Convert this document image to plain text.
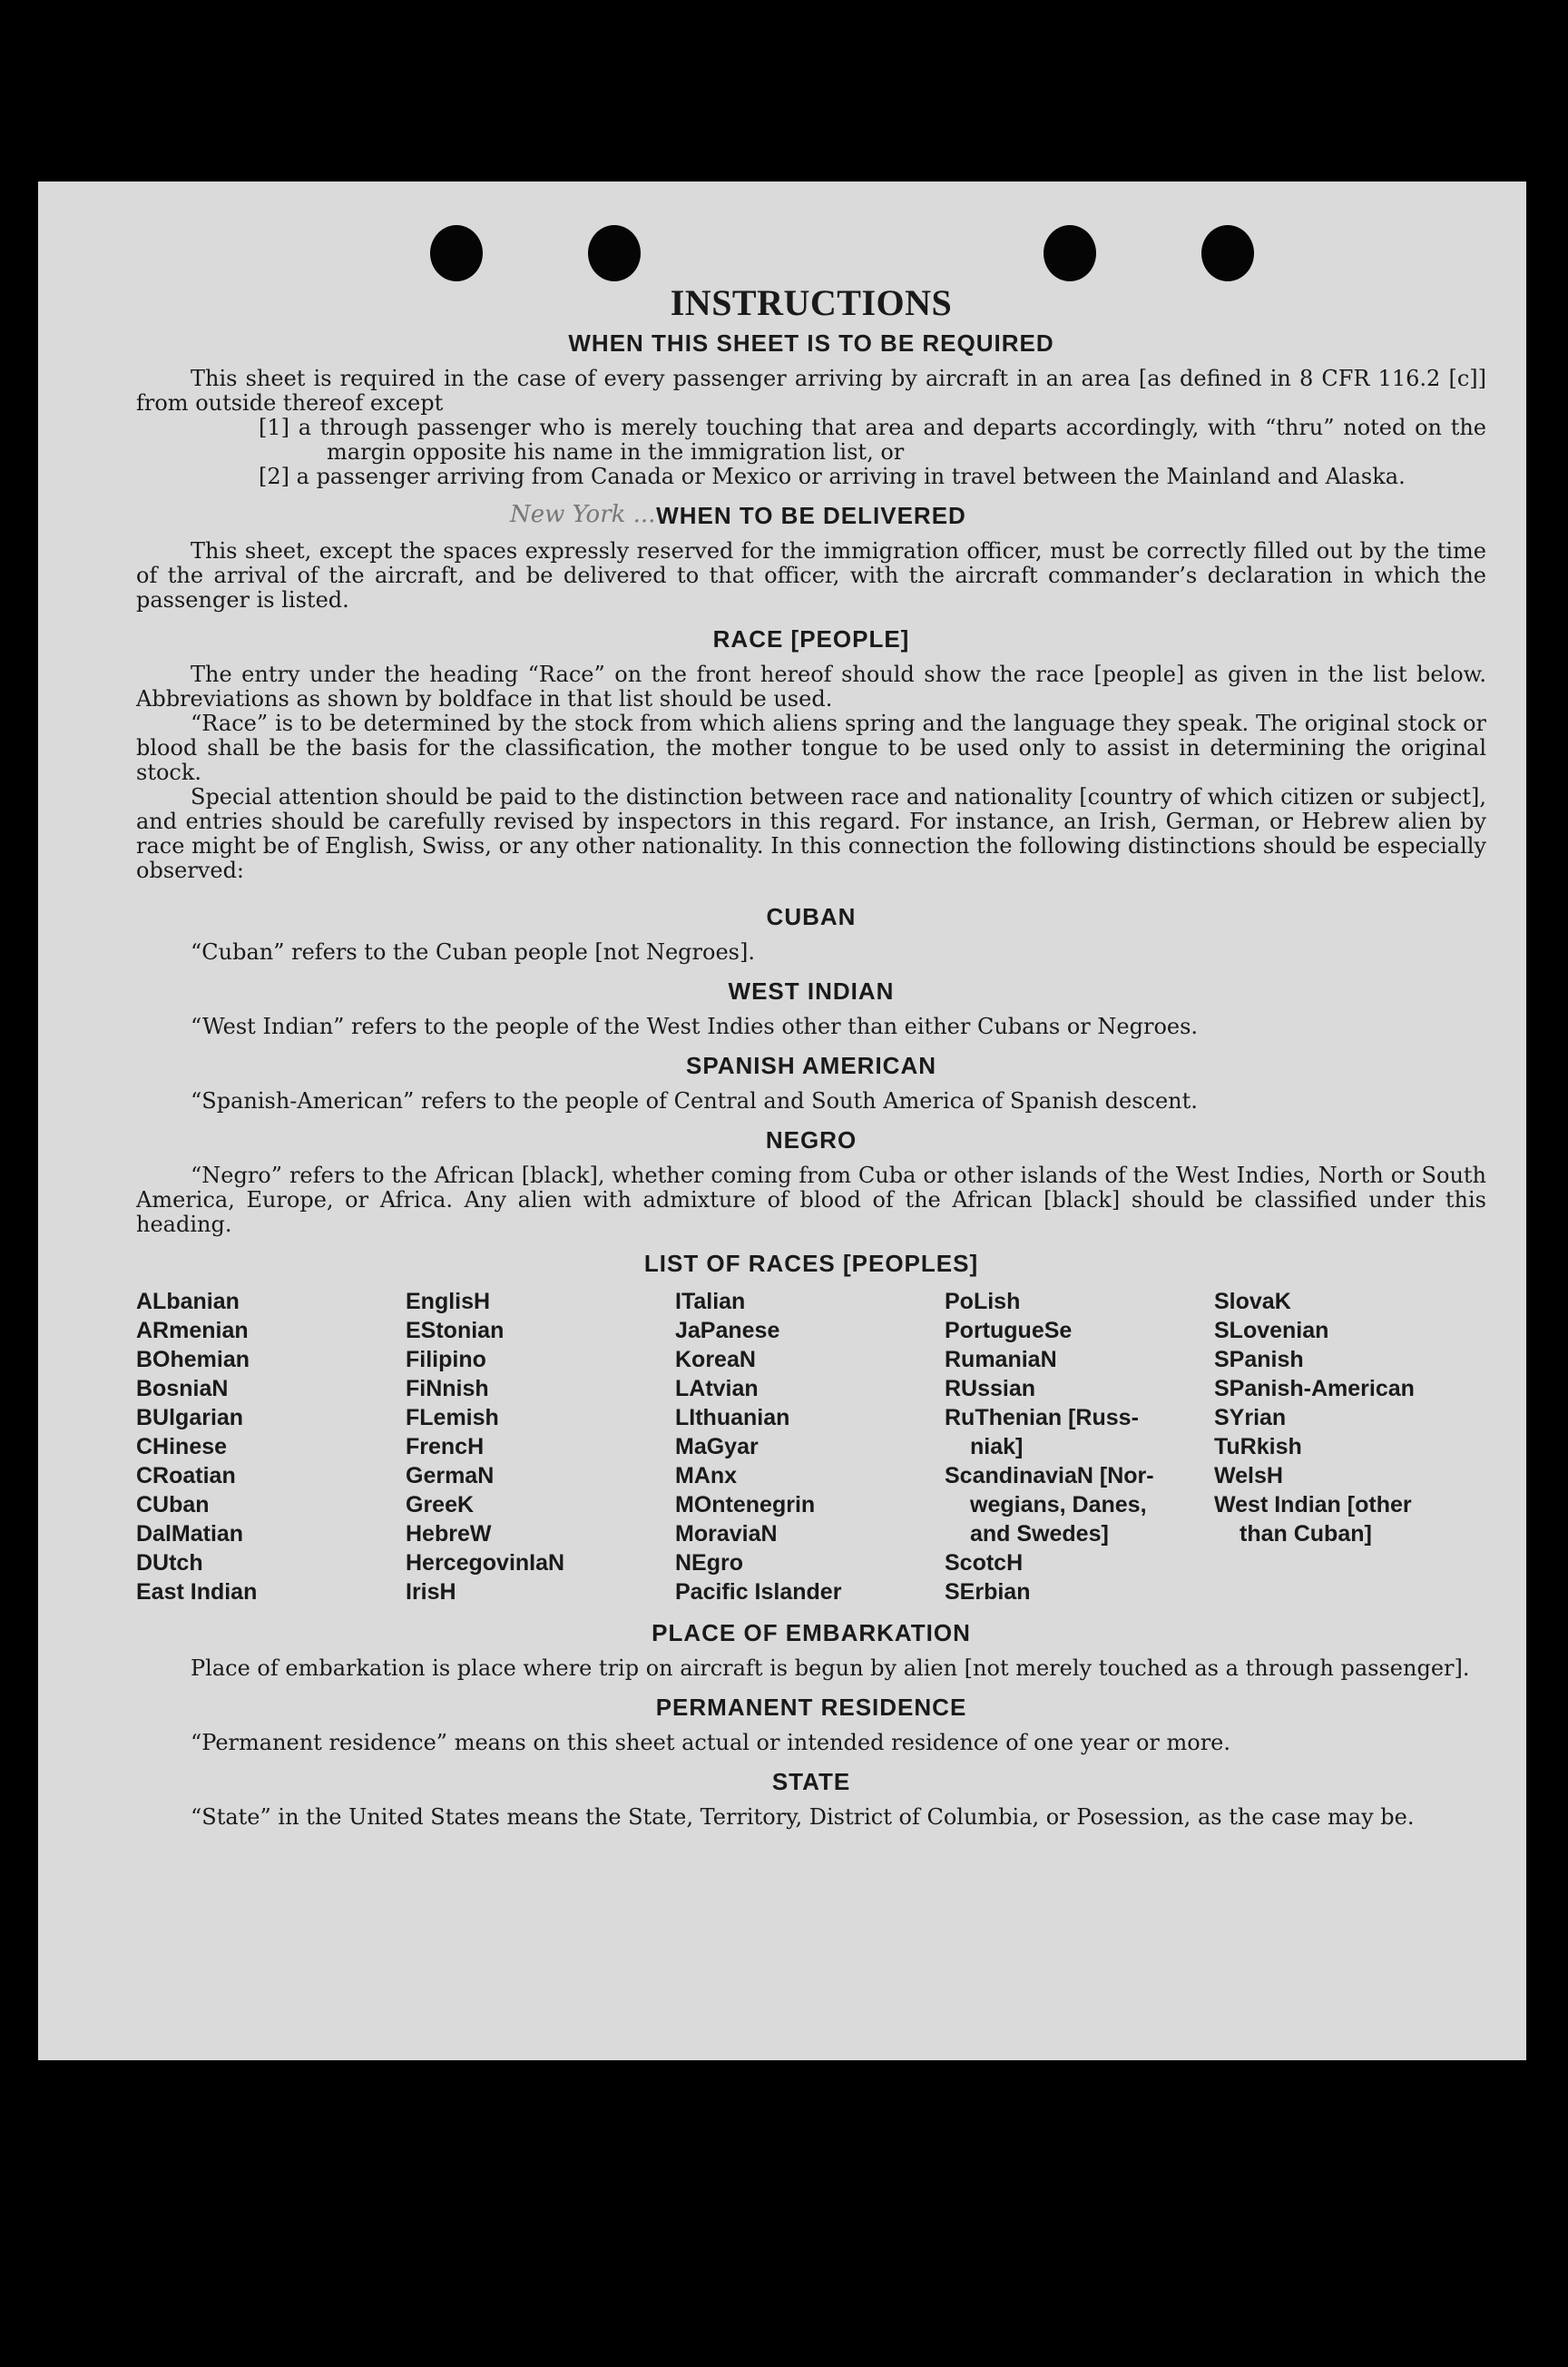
New York ...
INSTRUCTIONS
WHEN THIS SHEET IS TO BE REQUIRED

This sheet is required in the case of every passenger arriving by aircraft in an area [as defined in 8 CFR 116.2 [c]] from outside thereof except

[1] a through passenger who is merely touching that area and departs accordingly, with “thru” noted on the margin opposite his name in the immigration list, or
[2] a passenger arriving from Canada or Mexico or arriving in travel between the Mainland and Alaska.
WHEN TO BE DELIVERED

This sheet, except the spaces expressly reserved for the immigration officer, must be correctly filled out by the time of the arrival of the aircraft, and be delivered to that officer, with the aircraft commander’s declaration in which the passenger is listed.

RACE [PEOPLE]

The entry under the heading “Race” on the front hereof should show the race [people] as given in the list below. Abbreviations as shown by boldface in that list should be used.

“Race” is to be determined by the stock from which aliens spring and the language they speak. The original stock or blood shall be the basis for the classification, the mother tongue to be used only to assist in determining the original stock.

Special attention should be paid to the distinction between race and nationality [country of which citizen or subject], and entries should be carefully revised by inspectors in this regard. For instance, an Irish, German, or Hebrew alien by race might be of English, Swiss, or any other nationality. In this connection the following distinctions should be especially observed:

CUBAN

“Cuban” refers to the Cuban people [not Negroes].

WEST INDIAN

“West Indian” refers to the people of the West Indies other than either Cubans or Negroes.

SPANISH AMERICAN

“Spanish-American” refers to the people of Central and South America of Spanish descent.

NEGRO

“Negro” refers to the African [black], whether coming from Cuba or other islands of the West Indies, North or South America, Europe, or Africa. Any alien with admixture of blood of the African [black] should be classified under this heading.

LIST OF RACES [PEOPLES]
ALbanian
ARmenian
BOhemian
BosniaN
BUlgarian
CHinese
CRoatian
CUban
DalMatian
DUtch
East Indian
EnglisH
EStonian
Filipino
FiNnish
FLemish
FrencH
GermaN
GreeK
HebreW
HercegovinIaN
IrisH
ITalian
JaPanese
KoreaN
LAtvian
LIthuanian
MaGyar
MAnx
MOntenegrin
MoraviaN
NEgro
Pacific Islander
PoLish
PortugueSe
RumaniaN
RUssian
RuThenian [Russ-
niak]
ScandinaviaN [Nor-
wegians, Danes,
and Swedes]
ScotcH
SErbian
SlovaK
SLovenian
SPanish
SPanish-American
SYrian
TuRkish
WelsH
West Indian [other
than Cuban]
PLACE OF EMBARKATION

Place of embarkation is place where trip on aircraft is begun by alien [not merely touched as a through passenger].

PERMANENT RESIDENCE

“Permanent residence” means on this sheet actual or intended residence of one year or more.

STATE

“State” in the United States means the State, Territory, District of Columbia, or Posession, as the case may be.
